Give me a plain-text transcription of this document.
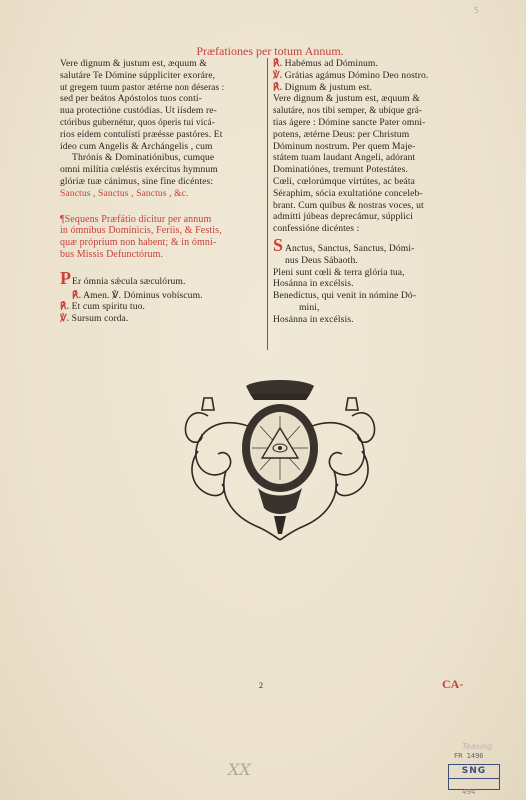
Præfationes per totum Annum.
Vere dignum & justum est, æquum &
salutáre Te Dómine súppliciter exoráre,
ut gregem tuum pastor ætérne non déseras :
sed per beátos Apóstolos tuos contí-
nua protectióne custódias. Ut iísdem re-
ctóribus gubernétur, quos óperis tui vicá-
rios eídem contulísti præésse pastóres. Et
ídeo cum Angelis & Archángelis , cum
Thrónis & Dominatiónibus, cumque
omni milítia cœléstis exércitus hymnum
glóriæ tuæ cánimus, sine fine dicéntes:
Sanctus , Sanctus , Sanctus , &c.
¶Sequens Præfátio dícitur per annum
in ómnibus Domínicis, Feriis, & Festis,
quæ próprium non habent; & in ómni-
bus Missis Defunctórum.
PEr ómnia sǽcula sæculórum.
℟. Amen. ℣. Dóminus vobíscum.
℟. Et cum spíritu tuo.
℣. Sursum corda.
℟. Habémus ad Dóminum.
℣. Grátias agámus Dómino Deo nostro.
℟. Dignum & justum est.
Vere dignum & justum est, æquum &
salutáre, nos tibi semper, & ubíque grá-
tias ágere : Dómine sancte Pater omni-
potens, ætérne Deus: per Christum
Dóminum nostrum. Per quem Maje-
státem tuam laudant Angeli, adórant
Dominatiónes, tremunt Potestátes.
Cœli, cœlorúmque virtútes, ac beáta
Séraphim, sócia exultatióne conceleb-
brant. Cum quibus & nostras voces, ut
admítti júbeas deprecámur, súpplici
confessióne dicéntes :
S Anctus, Sanctus, Sanctus, Dómi-
nus Deus Sábaoth.
Pleni sunt cœli & terra glória tua,
Hosánna in excélsis.
Benedíctus, qui venit in nómine Dó-
mini,
Hosánna in excélsis.
2	CA-
5
XX
Teasing
FR 1496
SNG
494
